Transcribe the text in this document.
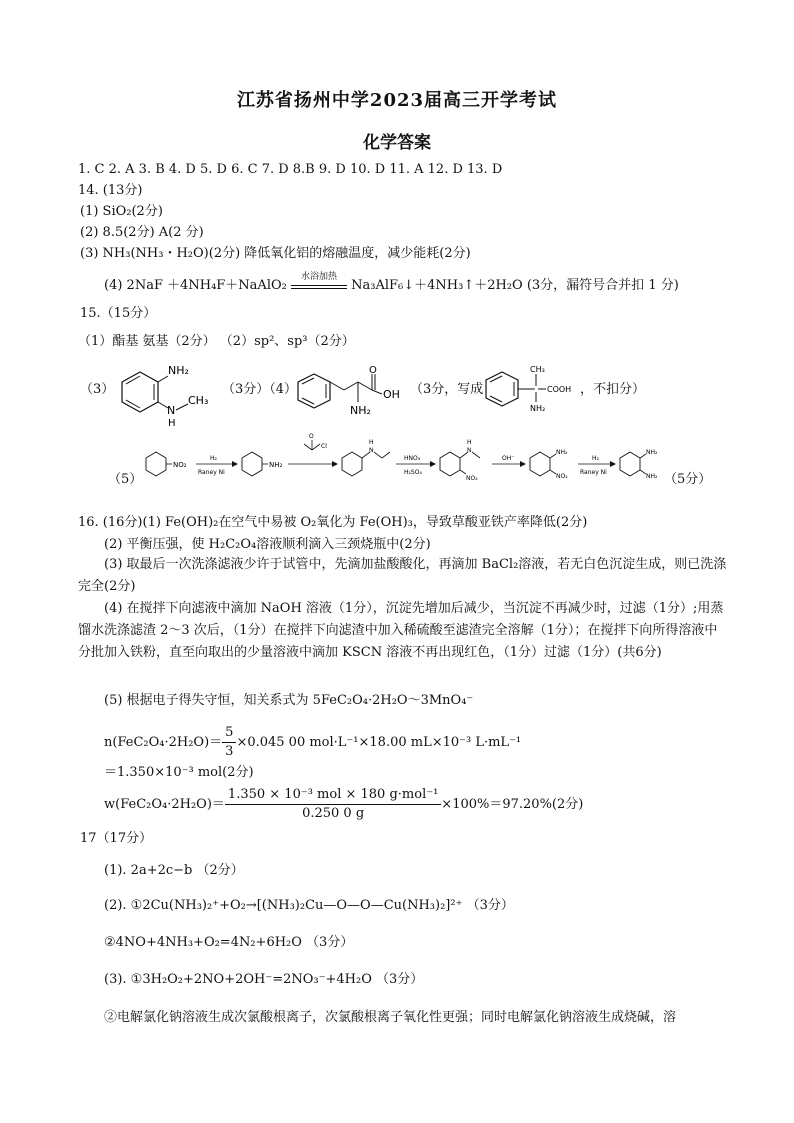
江苏省扬州中学2023届高三开学考试
化学答案
1. C 2. A 3. B 4. D 5. D 6. C 7. D 8.B 9. D 10. D 11. A 12. D 13. D
14. (13分)
(1) SiO₂(2分)
(2) 8.5(2分) A(2 分)
(3) NH₃(NH₃・H₂O)(2分) 降低氧化铝的熔融温度，减少能耗(2分)
(4) 2NaF ＋4NH₄F＋NaAlO₂
水浴加热
Na₃AlF₆↓＋4NH₃↑＋2H₂O (3分，漏符号合并扣 1 分)
15.（15分）
（1）酯基 氨基（2分） （2）sp²、sp³（2分）
（3）
NH₂
N
H
CH₃
（3分）（4）
O
OH
NH₂
（3分，写成
CH₃
· COOH
NH₂
，不扣分）
（5）
NO₂
H₂
Raney Ni
NH₂
O
Cl
H
N
HNO₃
H₂SO₄
H
N
NO₂
OH⁻
NH₂
NO₂
H₂
Raney Ni
NH₂
NH₂ （5分）
16. (16分)(1) Fe(OH)₂在空气中易被 O₂氧化为 Fe(OH)₃，导致草酸亚铁产率降低(2分)
(2) 平衡压强，使 H₂C₂O₄溶液顺利滴入三颈烧瓶中(2分)
(3) 取最后一次洗涤滤液少许于试管中，先滴加盐酸酸化，再滴加 BaCl₂溶液，若无白色沉淀生成，则已洗涤完全(2分)
(4) 在搅拌下向滤液中滴加 NaOH 溶液（1分），沉淀先增加后减少，当沉淀不再减少时，过滤（1分）;用蒸馏水洗涤滤渣 2～3 次后，（1分）在搅拌下向滤渣中加入稀硫酸至滤渣完全溶解（1分）；在搅拌下向所得溶液中分批加入铁粉，直至向取出的少量溶液中滴加 KSCN 溶液不再出现红色，（1分）过滤（1分）(共6分)
(5) 根据电子得失守恒，知关系式为 5FeC₂O₄·2H₂O～3MnO₄⁻
$n(FeC_2O_4\cdot 2H_2O)= \frac{5}{3} \times 0.045$ 00 mol·L⁻¹×18.00 mL×10⁻³ L·mL⁻¹
＝1.350×10⁻³ mol(2分)
$w(FeC_2O_4\cdot 2H_2O)= \frac{\text{1.350 × 10⁻³ mol × 180 g·mol⁻¹}}{0.250 0 g} \times 100\%=97.20\%(2$分)
17（17分）
(1). 2a+2c−b （2分）
(2). ①2Cu(NH₃)₂⁺+O₂→[(NH₃)₂Cu—O—O—Cu(NH₃)₂]²⁺ （3分）
②4NO+4NH₃+O₂=4N₂+6H₂O （3分）
(3). ①3H₂O₂+2NO+2OH⁻=2NO₃⁻+4H₂O （3分）
②电解氯化钠溶液生成次氯酸根离子，次氯酸根离子氧化性更强；同时电解氯化钠溶液生成烧碱，溶
